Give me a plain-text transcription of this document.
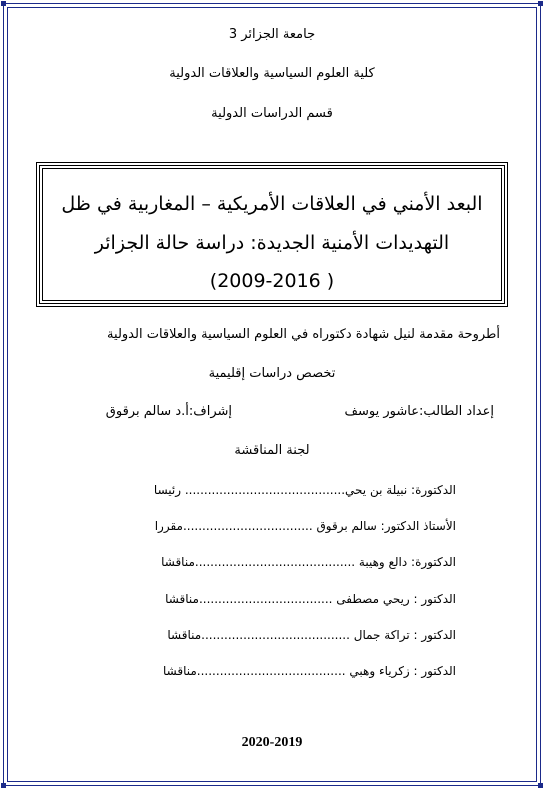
جامعة الجزائر 3
كلية العلوم السياسية والعلاقات الدولية
قسم الدراسات الدولية
البعد الأمني في العلاقات الأمريكية – المغاربية في ظل
التهديدات الأمنية الجديدة: دراسة حالة الجزائر
( 2009-2016)
أطروحة مقدمة لنيل شهادة دكتوراه في العلوم السياسية والعلاقات الدولية
تخصص دراسات إقليمية
إعداد الطالب:عاشور يوسف
إشراف:أ.د سالم برقوق
لجنة المناقشة
الدكتورة: نبيلة بن يحي.......................................... رئيسا
الأستاذ الدكتور: سالم برقوق ..................................مقررا
الدكتورة: دالع وهيبة ..........................................مناقشا
الدكتور : ريحي مصطفى ...................................مناقشا
الدكتور : تراكة جمال .......................................مناقشا
الدكتور : زكرياء وهبي .......................................مناقشا
2020-2019
